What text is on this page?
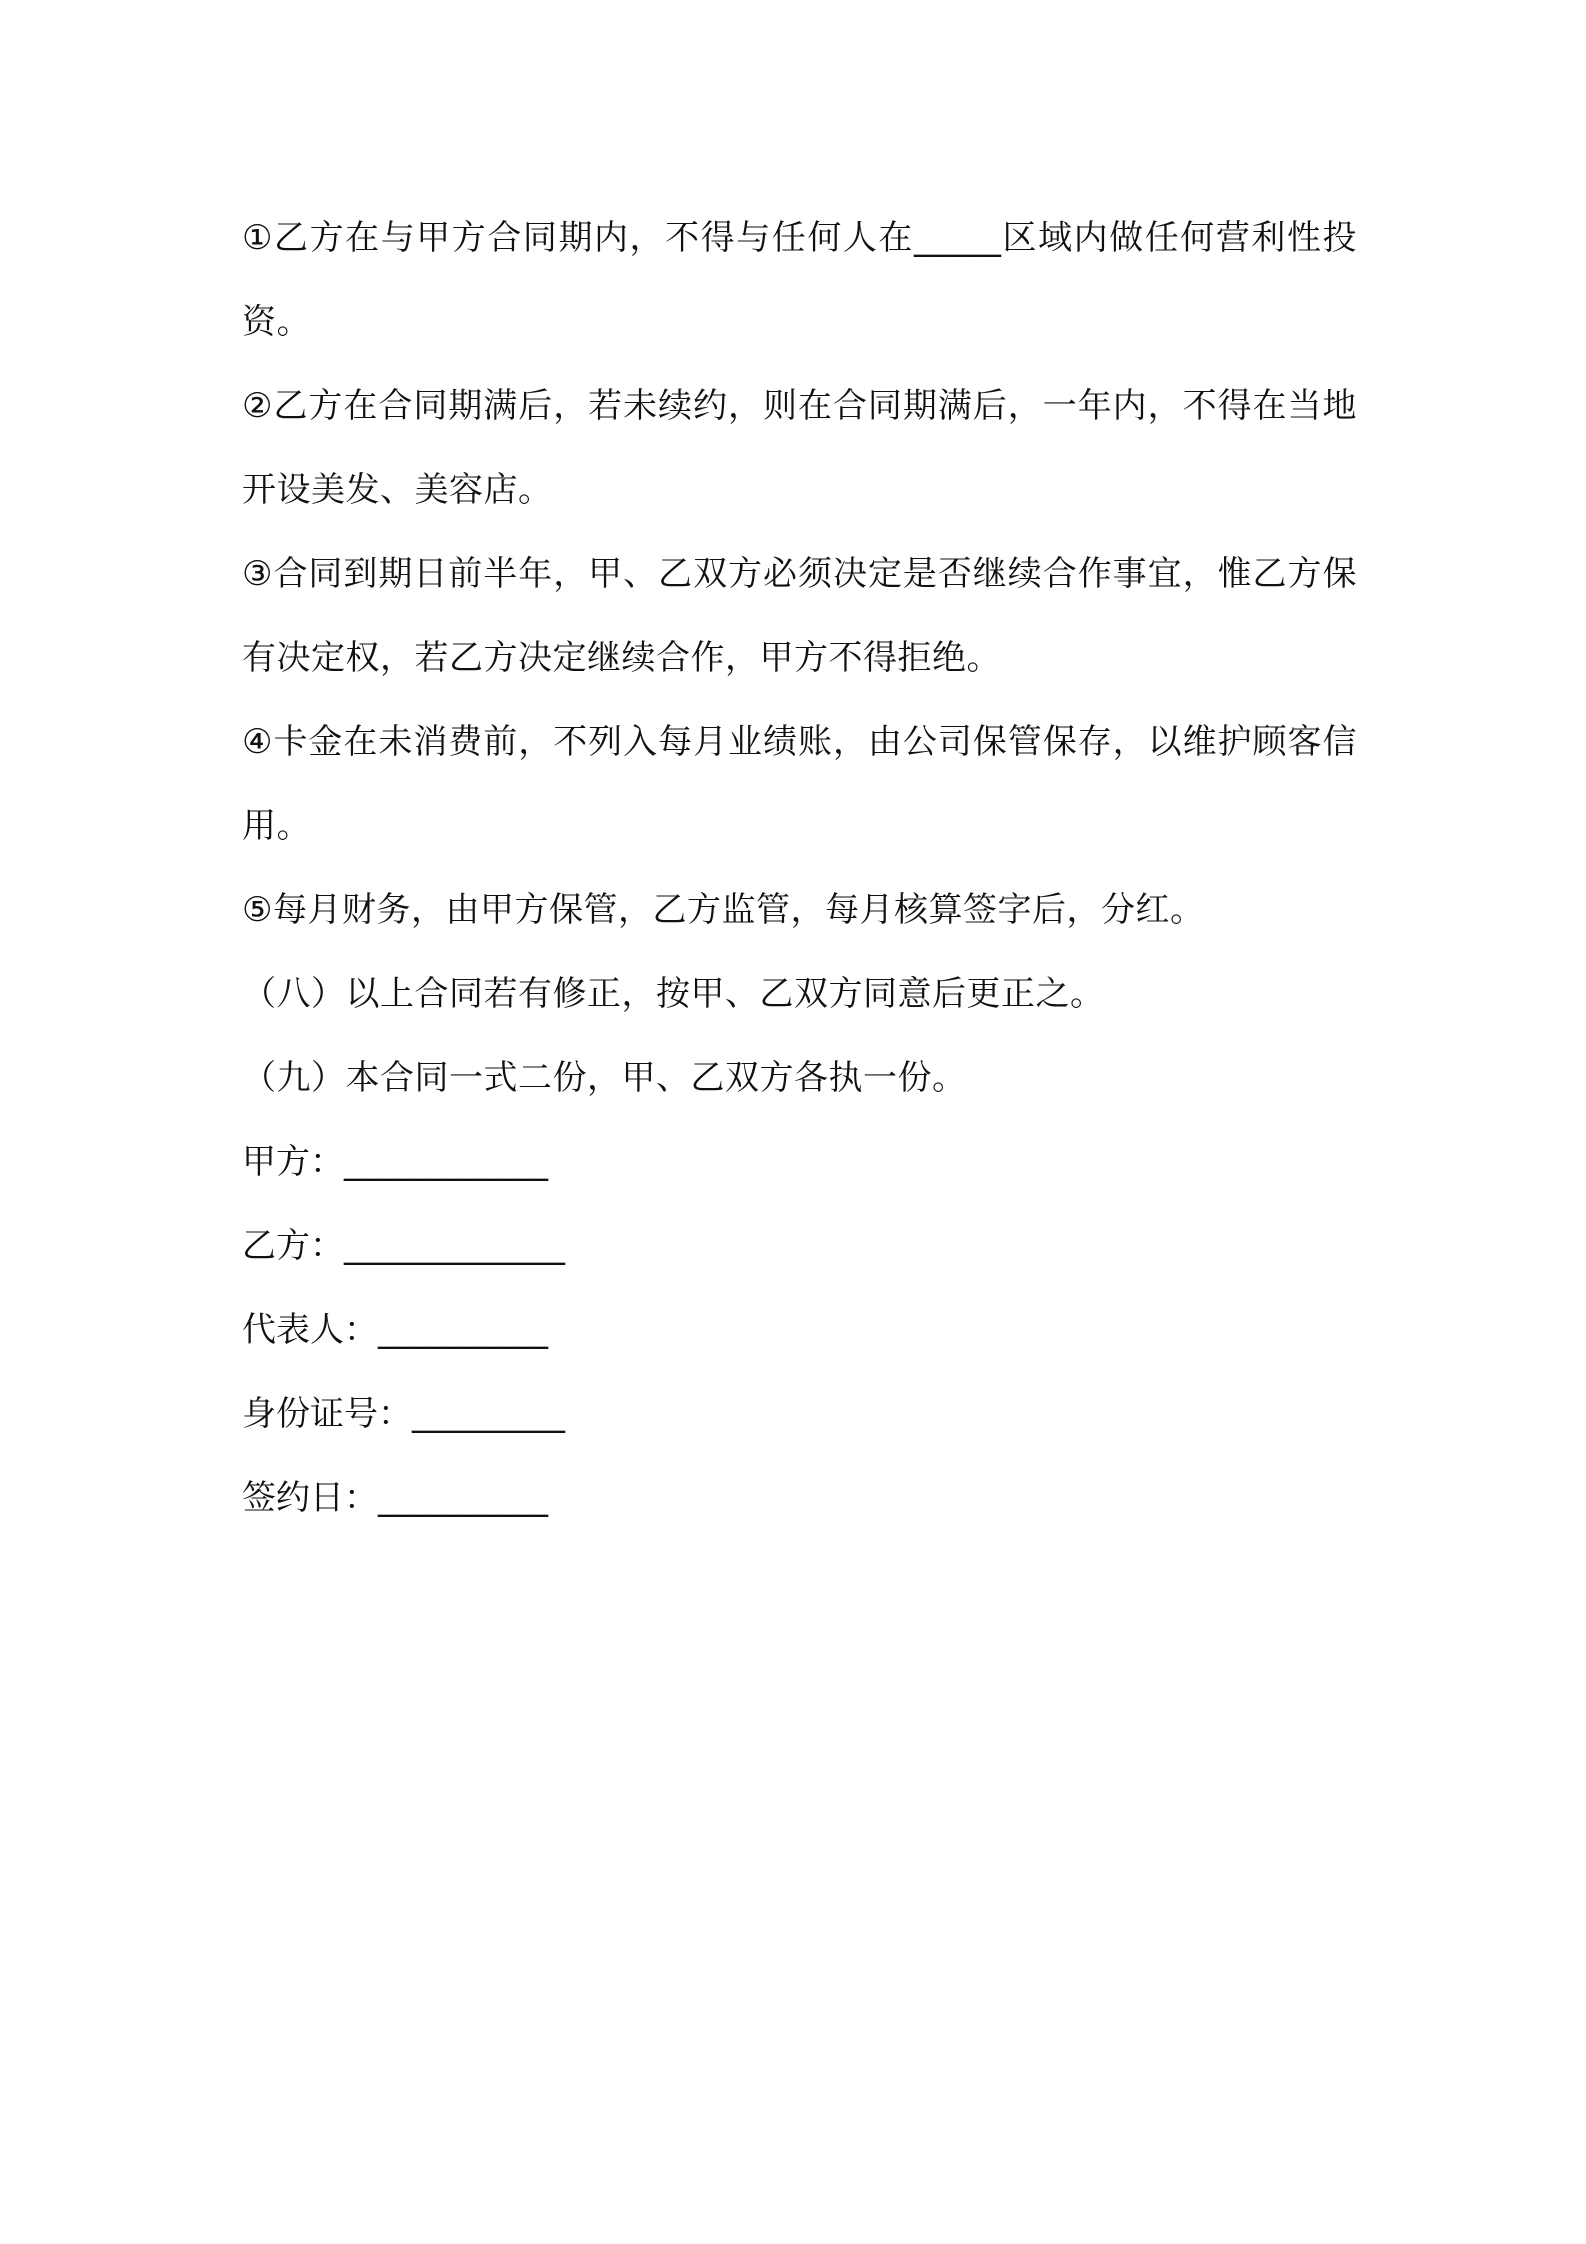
①乙方在与甲方合同期内，不得与任何人在_____区域内做任何营利性投资。
②乙方在合同期满后，若未续约，则在合同期满后，一年内，不得在当地开设美发、美容店。
③合同到期日前半年，甲、乙双方必须决定是否继续合作事宜，惟乙方保有决定权，若乙方决定继续合作，甲方不得拒绝。
④卡金在未消费前，不列入每月业绩账，由公司保管保存，以维护顾客信用。
⑤每月财务，由甲方保管，乙方监管，每月核算签字后，分红。
（八）以上合同若有修正，按甲、乙双方同意后更正之。
（九）本合同一式二份，甲、乙双方各执一份。
甲方：____________
乙方：_____________
代表人：__________
身份证号：_________
签约日：__________
